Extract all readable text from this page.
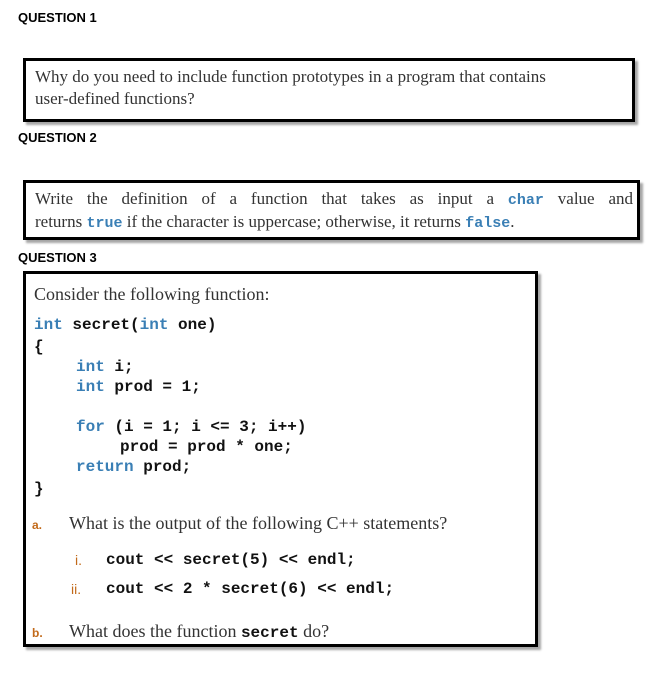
QUESTION 1
Why do you need to include function prototypes in a program that contains
user-defined functions?
QUESTION 2
Write the definition of a function that takes as input a char value and
returns true if the character is uppercase; otherwise, it returns false.
QUESTION 3
Consider the following function:
int secret(int one)
{
int i;
int prod = 1;
for (i = 1; i <= 3; i++)
prod = prod * one;
return prod;
}
a. What is the output of the following C++ statements?
i. cout << secret(5) << endl;
ii. cout << 2 * secret(6) << endl;
b. What does the function secret do?
